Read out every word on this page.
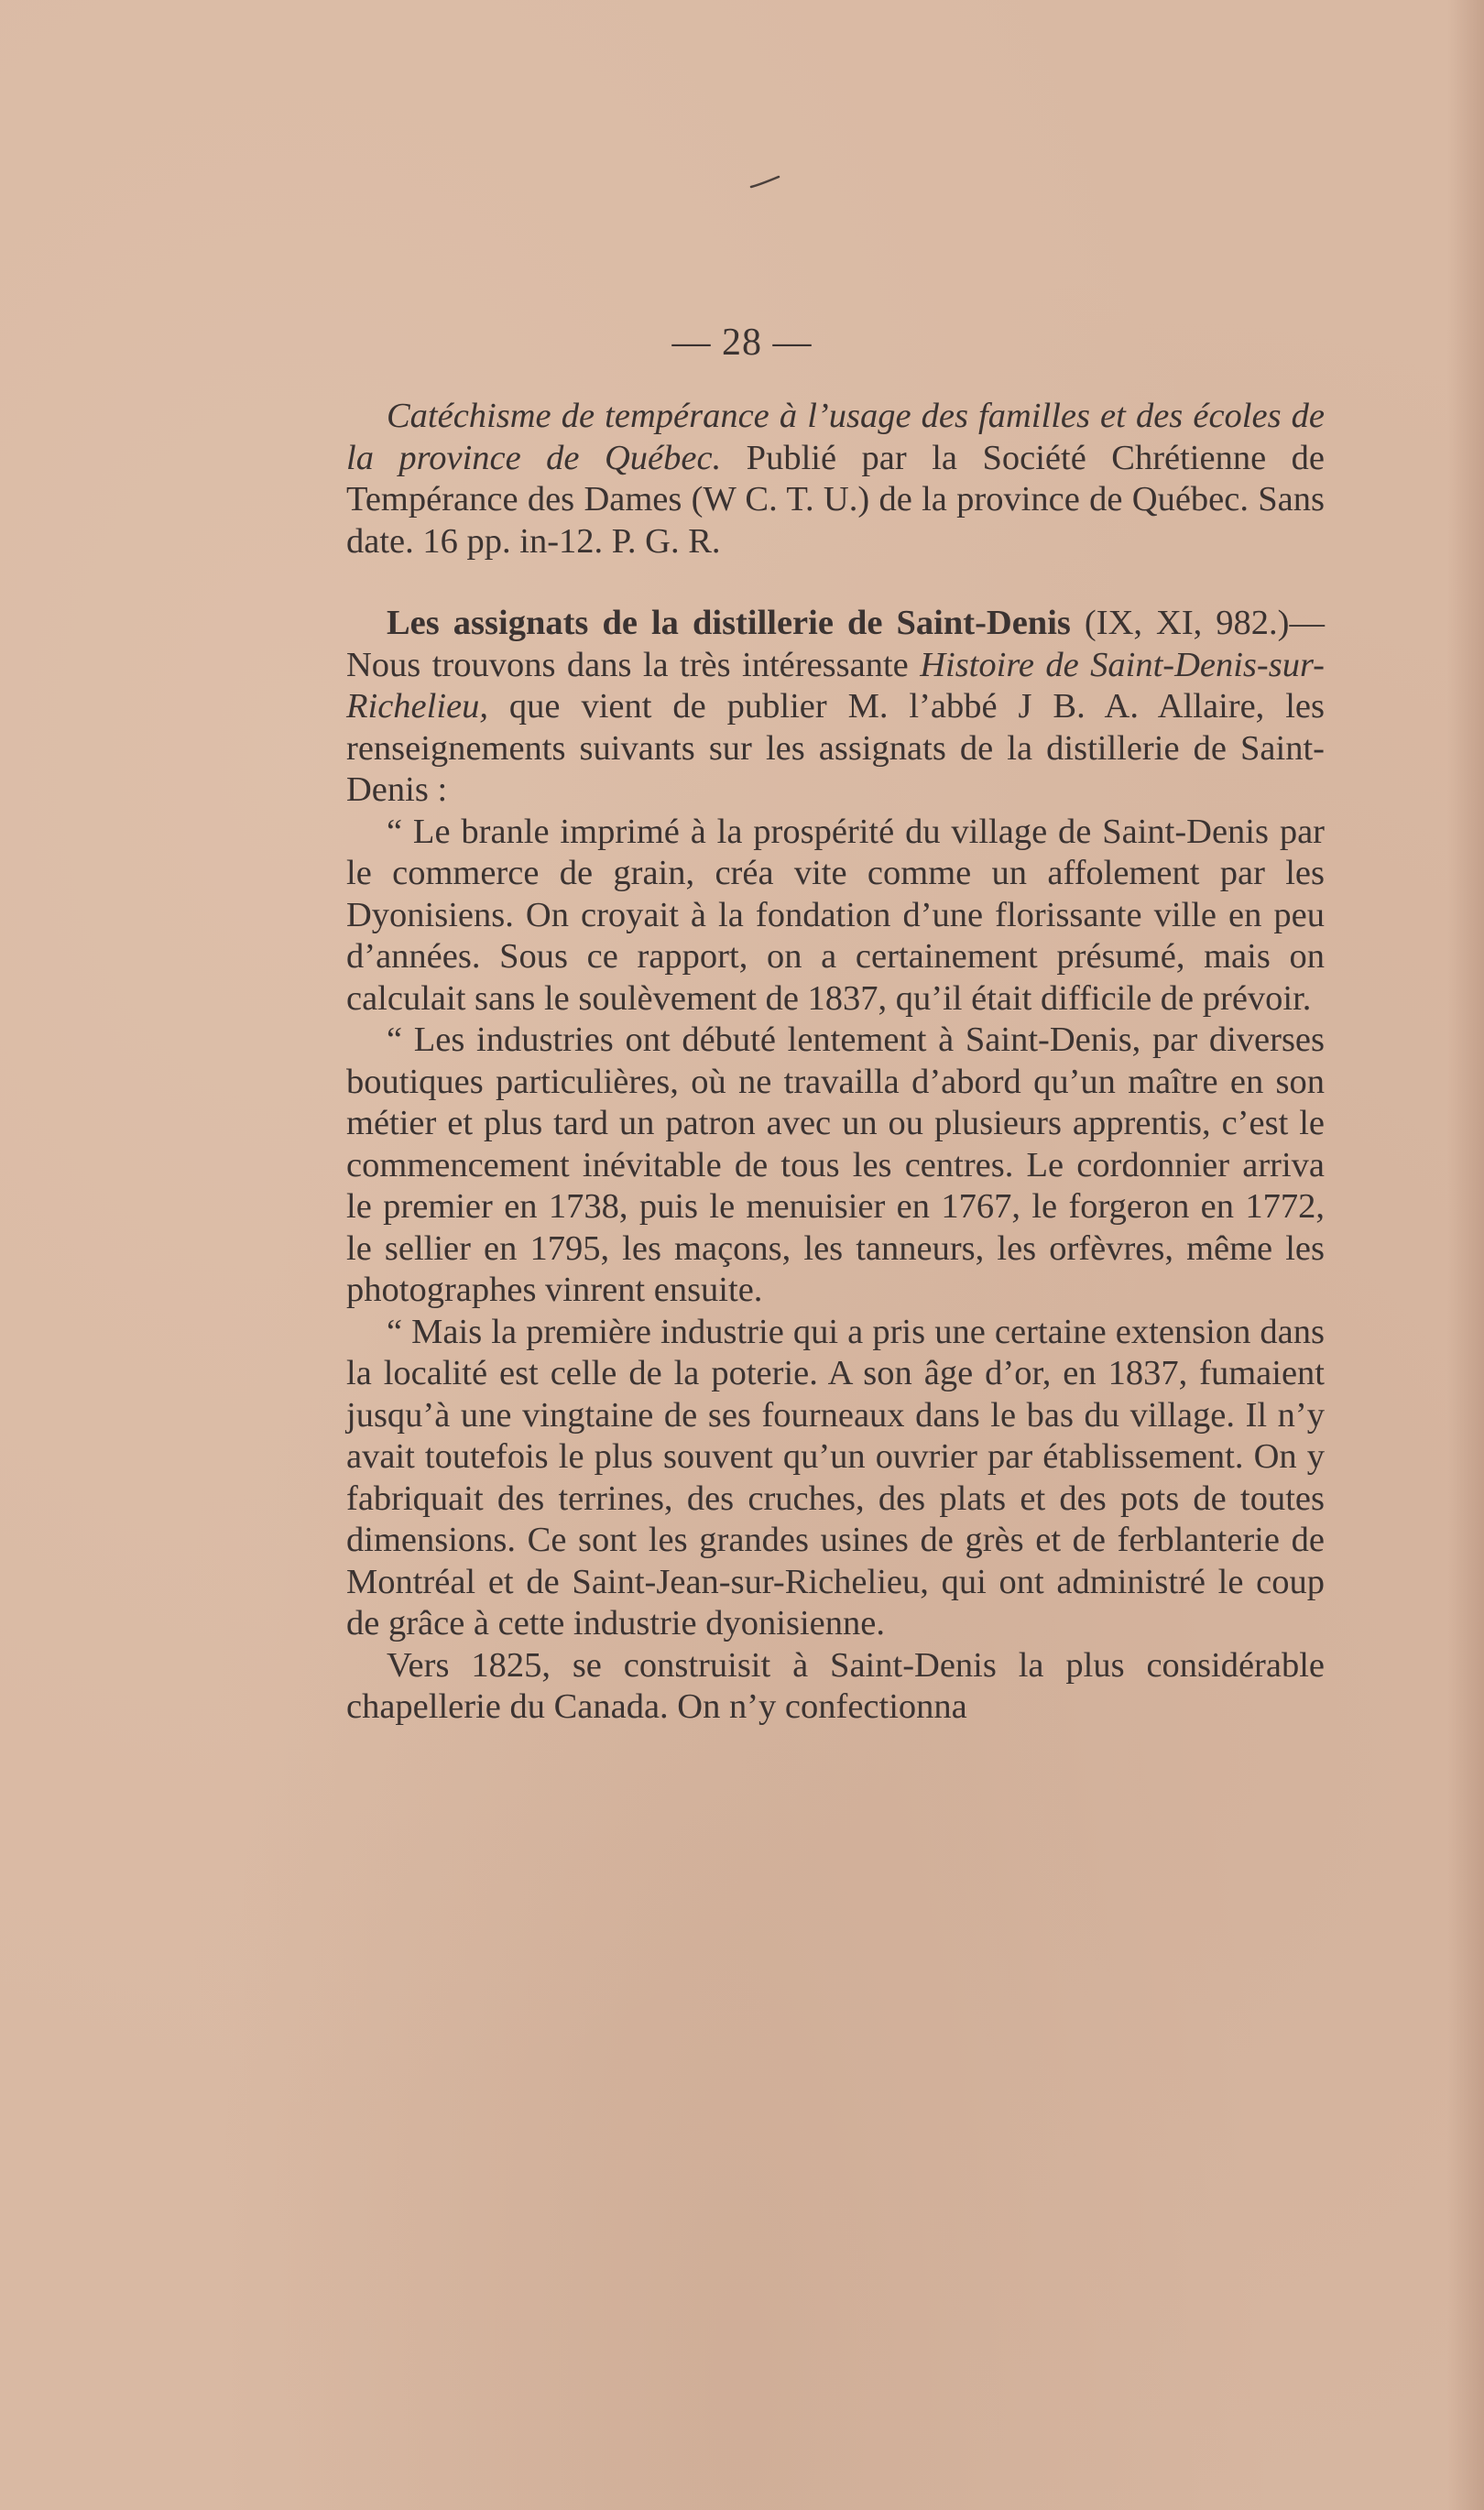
— 28 —

Catéchisme de tempérance à l’usage des familles et des écoles de la province de Québec. Publié par la Société Chrétienne de Tempérance des Dames (W C. T. U.) de la province de Québec. Sans date. 16 pp. in-12. P. G. R.

Les assignats de la distillerie de Saint-Denis (IX, XI, 982.)—Nous trouvons dans la très intéressante Histoire de Saint-Denis-sur-Richelieu, que vient de publier M. l’abbé J B. A. Allaire, les renseignements suivants sur les assignats de la distillerie de Saint-Denis :

“ Le branle imprimé à la prospérité du village de Saint-Denis par le commerce de grain, créa vite comme un affolement par les Dyonisiens. On croyait à la fondation d’une florissante ville en peu d’années. Sous ce rapport, on a certainement présumé, mais on calculait sans le soulèvement de 1837, qu’il était difficile de prévoir.

“ Les industries ont débuté lentement à Saint-Denis, par diverses boutiques particulières, où ne travailla d’abord qu’un maître en son métier et plus tard un patron avec un ou plusieurs apprentis, c’est le commencement inévitable de tous les centres. Le cordonnier arriva le premier en 1738, puis le menuisier en 1767, le forgeron en 1772, le sellier en 1795, les maçons, les tanneurs, les orfèvres, même les photographes vinrent ensuite.

“ Mais la première industrie qui a pris une certaine extension dans la localité est celle de la poterie. A son âge d’or, en 1837, fumaient jusqu’à une vingtaine de ses fourneaux dans le bas du village. Il n’y avait toutefois le plus souvent qu’un ouvrier par établissement. On y fabriquait des terrines, des cruches, des plats et des pots de toutes dimensions. Ce sont les grandes usines de grès et de ferblanterie de Montréal et de Saint-Jean-sur-Richelieu, qui ont administré le coup de grâce à cette industrie dyonisienne.

Vers 1825, se construisit à Saint-Denis la plus considérable chapellerie du Canada. On n’y confectionna
